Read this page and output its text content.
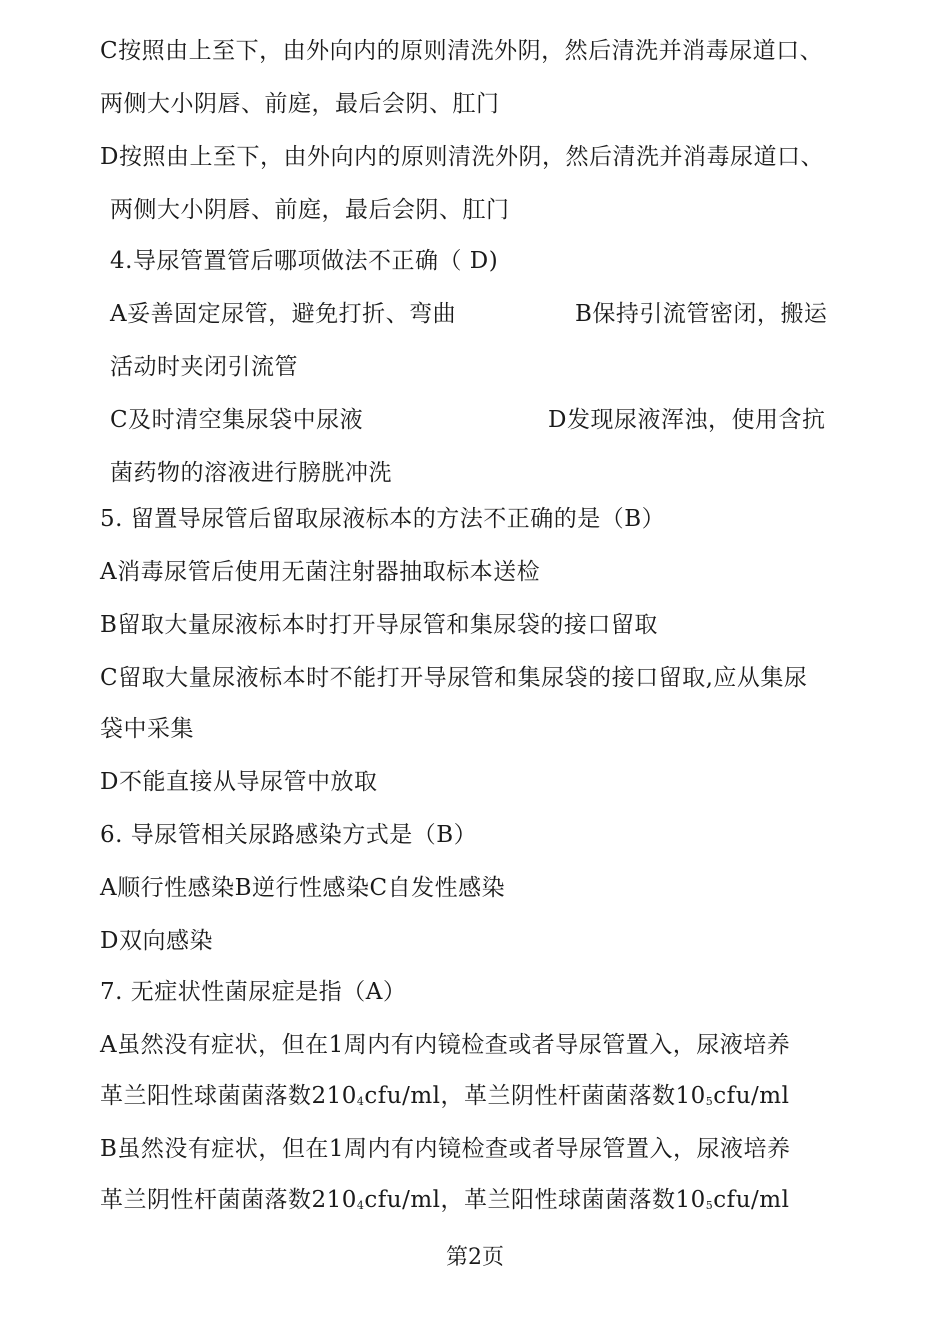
C按照由上至下，由外向内的原则清洗外阴，然后清洗并消毒尿道口、
两侧大小阴唇、前庭，最后会阴、肛门
D按照由上至下，由外向内的原则清洗外阴，然后清洗并消毒尿道口、
两侧大小阴唇、前庭，最后会阴、肛门
4.导尿管置管后哪项做法不正确（ D)
A妥善固定尿管，避免打折、弯曲	B保持引流管密闭，搬运
活动时夹闭引流管
C及时清空集尿袋中尿液	D发现尿液浑浊，使用含抗
菌药物的溶液进行膀胱冲洗
5. 留置导尿管后留取尿液标本的方法不正确的是（B）
A消毒尿管后使用无菌注射器抽取标本送检
B留取大量尿液标本时打开导尿管和集尿袋的接口留取
C留取大量尿液标本时不能打开导尿管和集尿袋的接口留取,应从集尿
袋中采集
D不能直接从导尿管中放取
6. 导尿管相关尿路感染方式是（B）
A顺行性感染B逆行性感染C自发性感染
D双向感染
7. 无症状性菌尿症是指（A）
A虽然没有症状，但在1周内有内镜检查或者导尿管置入，尿液培养
革兰阳性球菌菌落数$210_4cfu/ml$，革兰阴性杆菌菌落数$10_5cfu/ml$
B虽然没有症状，但在1周内有内镜检查或者导尿管置入，尿液培养
革兰阴性杆菌菌落数$210_4cfu/ml$，革兰阳性球菌菌落数$10_5cfu/ml$
第2页
